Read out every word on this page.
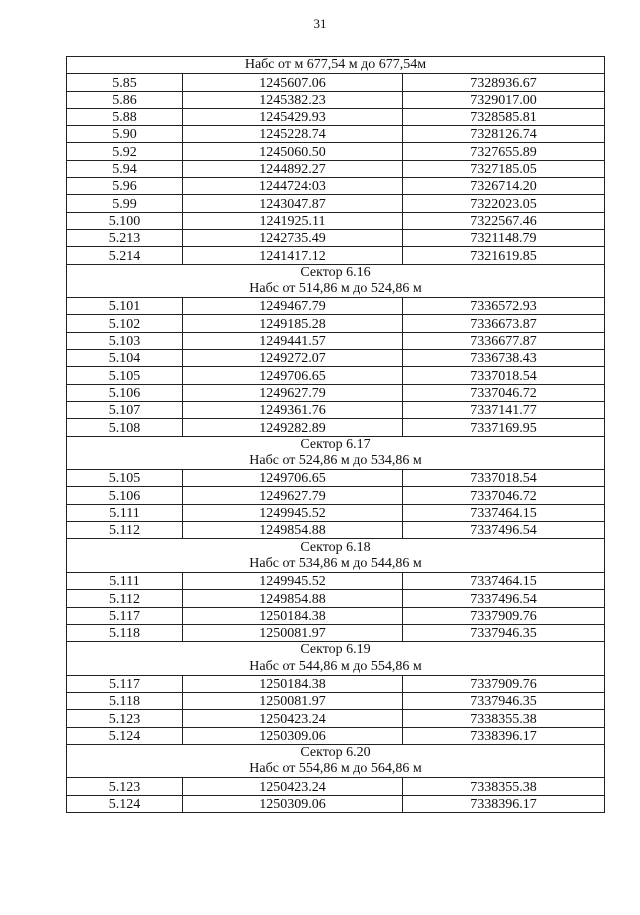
31
Набс от м 677,54 м до 677,54м		
5.85	1245607.06	7328936.67
5.86	1245382.23	7329017.00
5.88	1245429.93	7328585.81
5.90	1245228.74	7328126.74
5.92	1245060.50	7327655.89
5.94	1244892.27	7327185.05
5.96	1244724:03	7326714.20
5.99	1243047.87	7322023.05
5.100	1241925.11	7322567.46
5.213	1242735.49	7321148.79
5.214	1241417.12	7321619.85
Сектор 6.16		
Набс от 514,86 м до 524,86 м		
5.101	1249467.79	7336572.93
5.102	1249185.28	7336673.87
5.103	1249441.57	7336677.87
5.104	1249272.07	7336738.43
5.105	1249706.65	7337018.54
5.106	1249627.79	7337046.72
5.107	1249361.76	7337141.77
5.108	1249282.89	7337169.95
Сектор 6.17		
Набс от 524,86 м до 534,86 м		
5.105	1249706.65	7337018.54
5.106	1249627.79	7337046.72
5.111	1249945.52	7337464.15
5.112	1249854.88	7337496.54
Сектор 6.18		
Набс от 534,86 м до 544,86 м		
5.111	1249945.52	7337464.15
5.112	1249854.88	7337496.54
5.117	1250184.38	7337909.76
5.118	1250081.97	7337946.35
Сектор 6.19		
Набс от 544,86 м до 554,86 м		
5.117	1250184.38	7337909.76
5.118	1250081.97	7337946.35
5.123	1250423.24	7338355.38
5.124	1250309.06	7338396.17
Сектор 6.20		
Набс от 554,86 м до 564,86 м		
5.123	1250423.24	7338355.38
5.124	1250309.06	7338396.17
